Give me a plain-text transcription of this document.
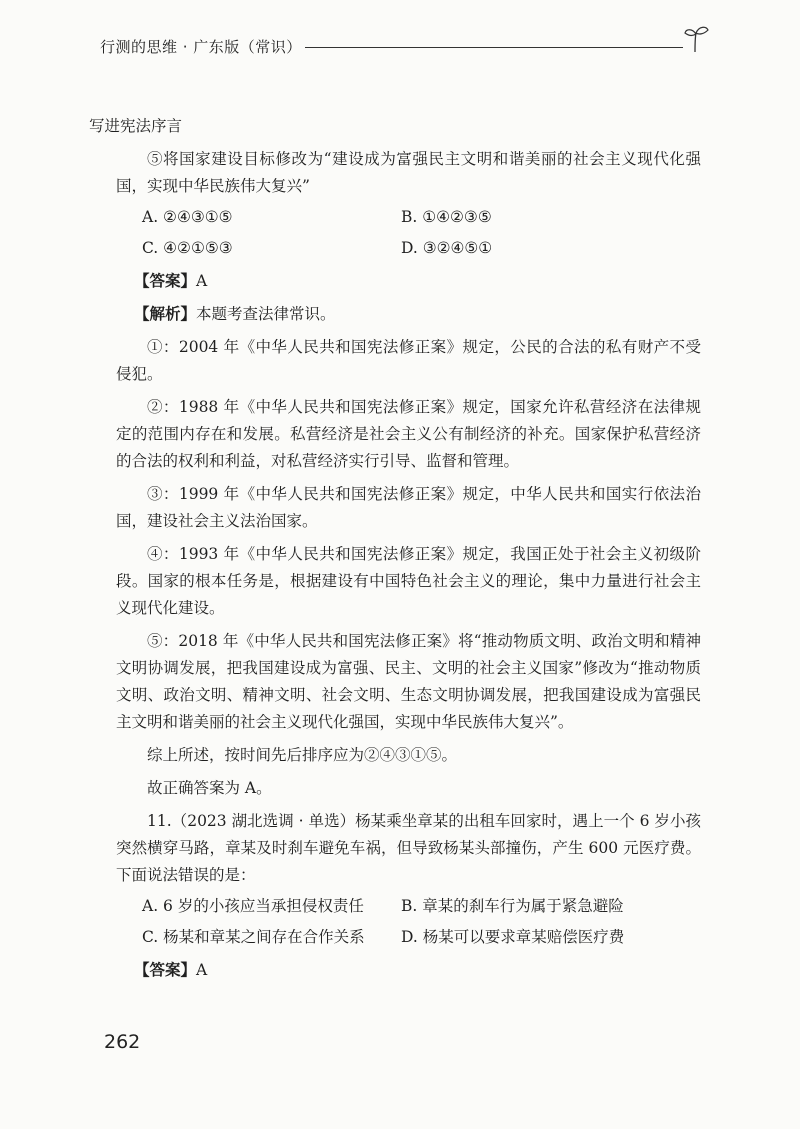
行测的思维 · 广东版（常识）

写进宪法序言

⑤将国家建设目标修改为“建设成为富强民主文明和谐美丽的社会主义现代化强国，实现中华民族伟大复兴”

A. ②④③①⑤	B. ①④②③⑤
C. ④②①⑤③	D. ③②④⑤①

【答案】A

【解析】本题考查法律常识。

①：2004 年《中华人民共和国宪法修正案》规定，公民的合法的私有财产不受侵犯。

②：1988 年《中华人民共和国宪法修正案》规定，国家允许私营经济在法律规定的范围内存在和发展。私营经济是社会主义公有制经济的补充。国家保护私营经济的合法的权利和利益，对私营经济实行引导、监督和管理。

③：1999 年《中华人民共和国宪法修正案》规定，中华人民共和国实行依法治国，建设社会主义法治国家。

④：1993 年《中华人民共和国宪法修正案》规定，我国正处于社会主义初级阶段。国家的根本任务是，根据建设有中国特色社会主义的理论，集中力量进行社会主义现代化建设。

⑤：2018 年《中华人民共和国宪法修正案》将“推动物质文明、政治文明和精神文明协调发展，把我国建设成为富强、民主、文明的社会主义国家”修改为“推动物质文明、政治文明、精神文明、社会文明、生态文明协调发展，把我国建设成为富强民主文明和谐美丽的社会主义现代化强国，实现中华民族伟大复兴”。

综上所述，按时间先后排序应为②④③①⑤。

故正确答案为 A。

11.（2023 湖北选调 · 单选）杨某乘坐章某的出租车回家时，遇上一个 6 岁小孩突然横穿马路，章某及时刹车避免车祸，但导致杨某头部撞伤，产生 600 元医疗费。下面说法错误的是：

A. 6 岁的小孩应当承担侵权责任	B. 章某的刹车行为属于紧急避险
C. 杨某和章某之间存在合作关系	D. 杨某可以要求章某赔偿医疗费

【答案】A

262
